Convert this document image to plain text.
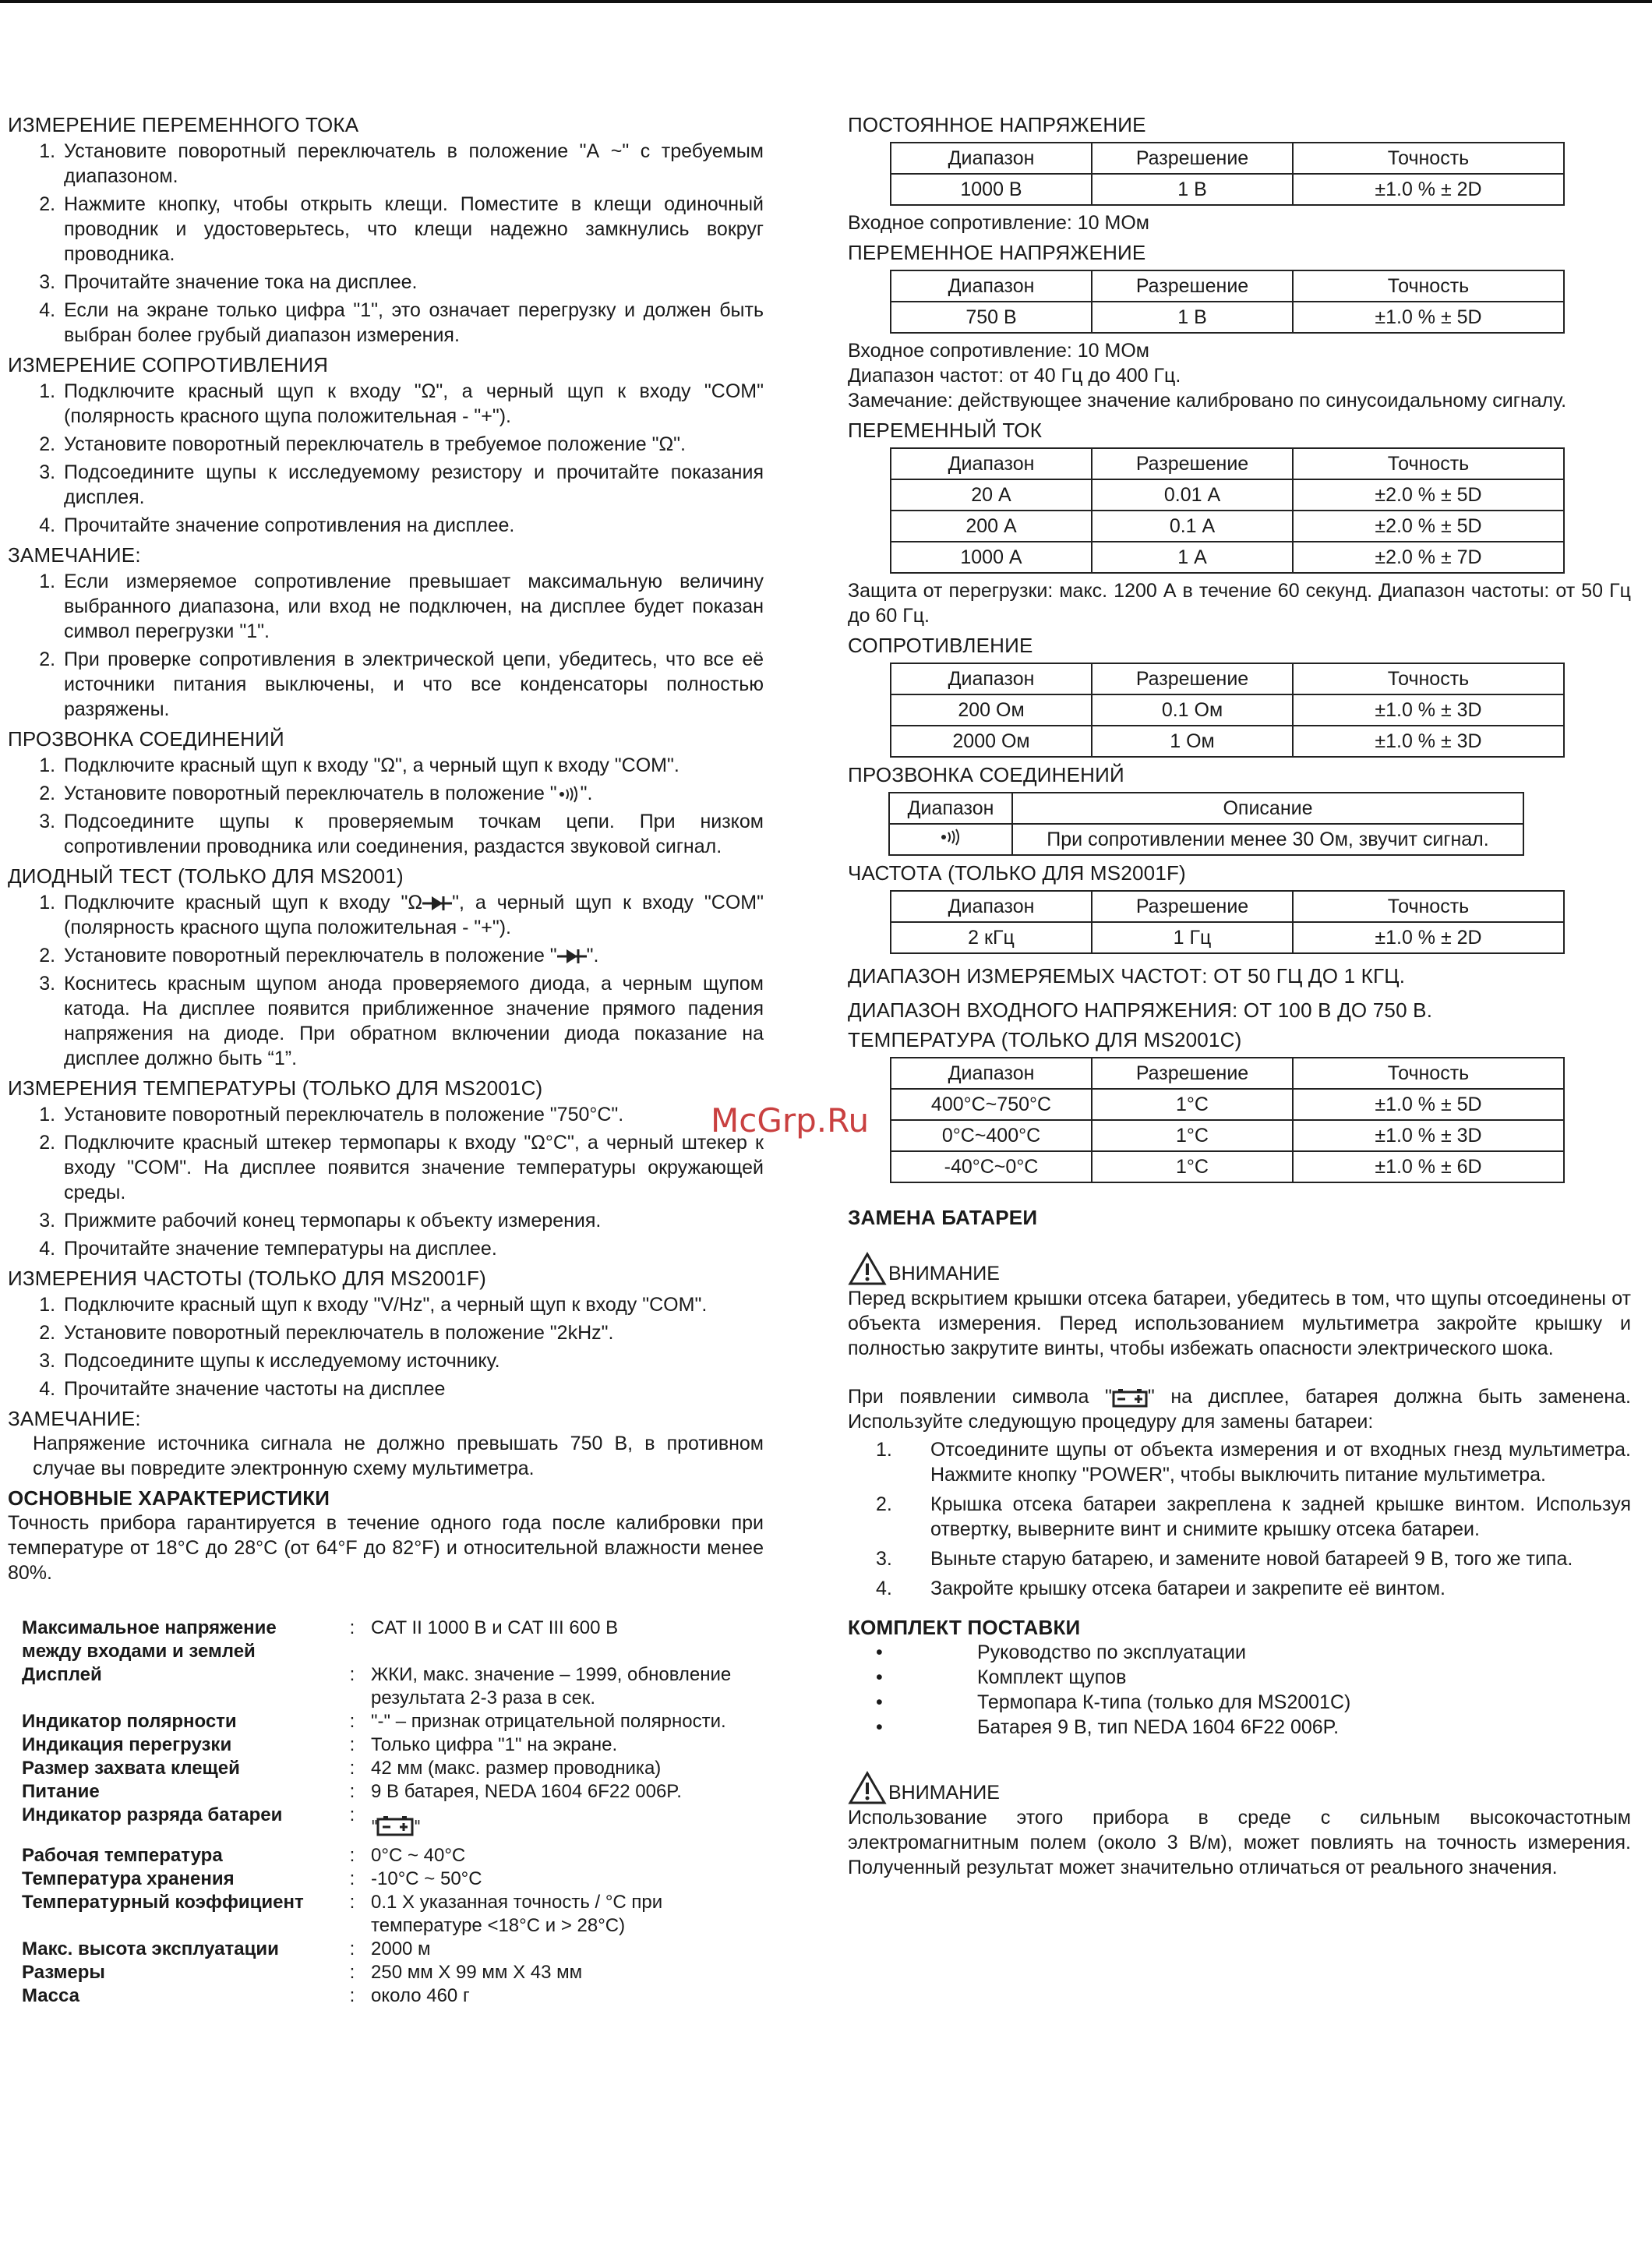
ИЗМЕРЕНИЕ ПЕРЕМЕННОГО ТОКА
1. Установите поворотный переключатель в положение "А ~" с требуемым диапазоном.
2. Нажмите кнопку, чтобы открыть клещи. Поместите в клещи одиночный проводник и удостоверьтесь, что клещи надежно замкнулись вокруг проводника.
3. Прочитайте значение тока на дисплее.
4. Если на экране только цифра "1", это означает перегрузку и должен быть выбран более грубый диапазон измерения.
ИЗМЕРЕНИЕ СОПРОТИВЛЕНИЯ
1. Подключите красный щуп к входу "Ω", а черный щуп к входу "COM" (полярность красного щупа положительная - "+").
2. Установите поворотный переключатель в требуемое положение "Ω".
3. Подсоедините щупы к исследуемому резистору и прочитайте показания дисплея.
4. Прочитайте значение сопротивления на дисплее.
ЗАМЕЧАНИЕ:
1. Если измеряемое сопротивление превышает максимальную величину выбранного диапазона, или вход не подключен, на дисплее будет показан символ перегрузки "1".
2. При проверке сопротивления в электрической цепи, убедитесь, что все её источники питания выключены, и что все конденсаторы полностью разряжены.
ПРОЗВОНКА СОЕДИНЕНИЙ
1. Подключите красный щуп к входу "Ω", а черный щуп к входу "COM".
2. Установите поворотный переключатель в положение " ".
3. Подсоедините щупы к проверяемым точкам цепи. При низком сопротивлении проводника или соединения, раздастся звуковой сигнал.
ДИОДНЫЙ ТЕСТ (ТОЛЬКО ДЛЯ MS2001)
1. Подключите красный щуп к входу "Ω ", а черный щуп к входу "COM" (полярность красного щупа положительная - "+").
2. Установите поворотный переключатель в положение " ".
3. Коснитесь красным щупом анода проверяемого диода, а черным щупом катода. На дисплее появится приближенное значение прямого падения напряжения на диоде. При обратном включении диода показание на дисплее должно быть “1”.
ИЗМЕРЕНИЯ ТЕМПЕРАТУРЫ (ТОЛЬКО ДЛЯ MS2001C)
1. Установите поворотный переключатель в положение "750°C".
2. Подключите красный штекер термопары к входу "Ω°C", а черный штекер к входу "COM". На дисплее появится значение температуры окружающей среды.
3. Прижмите рабочий конец термопары к объекту измерения.
4. Прочитайте значение температуры на дисплее.
ИЗМЕРЕНИЯ ЧАСТОТЫ (ТОЛЬКО ДЛЯ MS2001F)
1. Подключите красный щуп к входу "V/Hz", а черный щуп к входу "COM".
2. Установите поворотный переключатель в положение "2kHz".
3. Подсоедините щупы к исследуемому источнику.
4. Прочитайте значение частоты на дисплее
ЗАМЕЧАНИЕ:

Напряжение источника сигнала не должно превышать 750 В, в противном случае вы повредите электронную схему мультиметра.

ОСНОВНЫЕ ХАРАКТЕРИСТИКИ

Точность прибора гарантируется в течение одного года после калибровки при температуре от 18°С до 28°С (от 64°F до 82°F) и относительной влажности менее 80%.

Максимальное напряжение между входами и землей	:	CAT II 1000 В и CAT III 600 В
Дисплей	:	ЖКИ, макс. значение – 1999, обновление результата 2-3 раза в сек.
Индикатор полярности	:	"-" – признак отрицательной полярности.
Индикация перегрузки	:	Только цифра "1" на экране.
Размер захвата клещей	:	42 мм (макс. размер проводника)
Питание	:	9 В батарея, NEDA 1604 6F22 006P.
Индикатор разряда батареи	:	" "

Рабочая температура	:	0°C ~ 40°C
Температура хранения	:	-10°C ~ 50°C
Температурный коэффициент	:	0.1 X указанная точность / °C при температуре <18°C и > 28°C)
Макс. высота эксплуатации	:	2000 м
Размеры	:	250 мм X 99 мм X 43 мм
Масса	:	около 460 г
McGrp.Ru
ПОСТОЯННОЕ НАПРЯЖЕНИЕ
Диапазон	Разрешение	Точность
1000 В	1 В	±1.0 % ± 2D
Входное сопротивление: 10 МОм
ПЕРЕМЕННОЕ НАПРЯЖЕНИЕ
Диапазон	Разрешение	Точность
750 В	1 В	±1.0 % ± 5D
Входное сопротивление: 10 МОм
Диапазон частот: от 40 Гц до 400 Гц.

Замечание: действующее значение калибровано по синусоидальному сигналу.

ПЕРЕМЕННЫЙ ТОК
Диапазон	Разрешение	Точность
20 А	0.01 А	±2.0 % ± 5D
200 А	0.1 А	±2.0 % ± 5D
1000 А	1 А	±2.0 % ± 7D

Защита от перегрузки: макс. 1200 А в течение 60 секунд. Диапазон частоты: от 50 Гц до 60 Гц.

СОПРОТИВЛЕНИЕ
Диапазон	Разрешение	Точность
200 Ом	0.1 Ом	±1.0 % ± 3D
2000 Ом	1 Ом	±1.0 % ± 3D
ПРОЗВОНКА СОЕДИНЕНИЙ
Диапазон	Описание
	При сопротивлении менее 30 Ом, звучит сигнал.
ЧАСТОТА (ТОЛЬКО ДЛЯ MS2001F)
Диапазон	Разрешение	Точность
2 кГц	1 Гц	±1.0 % ± 2D
ДИАПАЗОН ИЗМЕРЯЕМЫХ ЧАСТОТ: ОТ 50 ГЦ ДО 1 КГЦ.
ДИАПАЗОН ВХОДНОГО НАПРЯЖЕНИЯ: ОТ 100 В ДО 750 В.
ТЕМПЕРАТУРА (ТОЛЬКО ДЛЯ MS2001C)
Диапазон	Разрешение	Точность
400°C~750°C	1°C	±1.0 % ± 5D
0°C~400°C	1°C	±1.0 % ± 3D
-40°C~0°C	1°C	±1.0 % ± 6D
ЗАМЕНА БАТАРЕИ
ВНИМАНИЕ

Перед вскрытием крышки отсека батареи, убедитесь в том, что щупы отсоединены от объекта измерения. Перед использованием мультиметра закройте крышку и полностью закрутите винты, чтобы избежать опасности электрического шока.

При появлении символа " " на дисплее, батарея должна быть заменена. Используйте следующую процедуру для замены батареи:

1.	Отсоедините щупы от объекта измерения и от входных гнезд мультиметра. Нажмите кнопку "POWER", чтобы выключить питание мультиметра.
2.	Крышка отсека батареи закреплена к задней крышке винтом. Используя отвертку, выверните винт и снимите крышку отсека батареи.
3.	Выньте старую батарею, и замените новой батареей 9 В, того же типа.
4.	Закройте крышку отсека батареи и закрепите её винтом.
КОМПЛЕКТ ПОСТАВКИ
•	Руководство по эксплуатации
•	Комплект щупов
•	Термопара К-типа (только для MS2001C)
•	Батарея 9 В, тип NEDA 1604 6F22 006P.
ВНИМАНИЕ

Использование этого прибора в среде с сильным высокочастотным электромагнитным полем (около 3 В/м), может повлиять на точность измерения. Полученный результат может значительно отличаться от реального значения.
